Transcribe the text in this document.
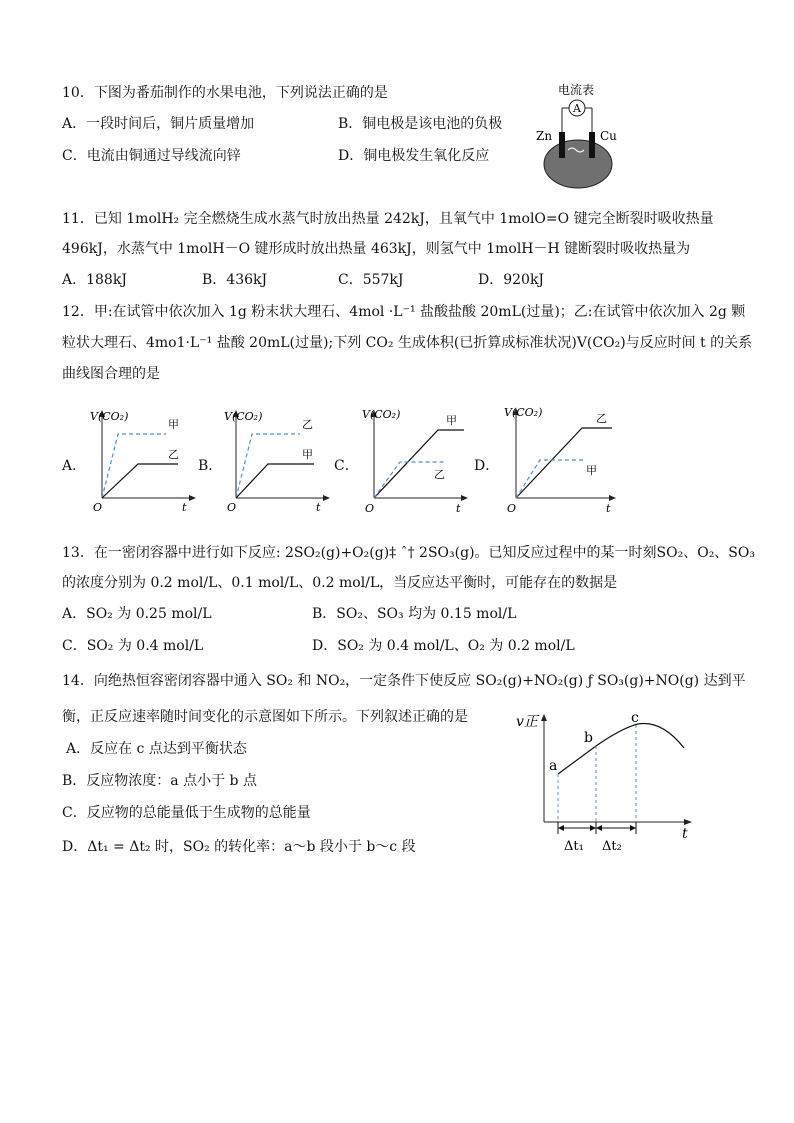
10．下图为番茄制作的水果电池，下列说法正确的是
A．一段时间后，铜片质量增加	B．铜电极是该电池的负极
C．电流由铜通过导线流向锌	D．铜电极发生氧化反应
电流表
A
Zn	Cu
11．已知 1molH₂ 完全燃烧生成水蒸气时放出热量 242kJ，且氧气中 1molO=O 键完全断裂时吸收热量
496kJ，水蒸气中 1molH－O 键形成时放出热量 463kJ，则氢气中 1molH－H 键断裂时吸收热量为
A．188kJ	B．436kJ	C．557kJ	D．920kJ
12．甲:在试管中依次加入 1g 粉末状大理石、4mol ·L⁻¹ 盐酸盐酸 20mL(过量)；乙:在试管中依次加入 2g 颗
粒状大理石、4mo1·L⁻¹ 盐酸 20mL(过量);下列 CO₂ 生成体积(已折算成标准状况)V(CO₂)与反应时间 t 的关系
曲线图合理的是
A．	B．	C．	D．
V(CO₂)
O	t
甲
乙
V(CO₂)
O	t
乙
甲
V(CO₂)
O	t
甲
乙
V(CO₂)
O	t
乙
甲
13．在一密闭容器中进行如下反应: 2SO₂(g)+O₂(g)‡ ˆ† 2SO₃(g)。已知反应过程中的某一时刻SO₂、O₂、SO₃
的浓度分别为 0.2 mol/L、0.1 mol/L、0.2 mol/L，当反应达平衡时，可能存在的数据是
A．SO₂ 为 0.25 mol/L	B．SO₂、SO₃ 均为 0.15 mol/L
C．SO₂ 为 0.4 mol/L	D．SO₂ 为 0.4 mol/L、O₂ 为 0.2 mol/L
14．向绝热恒容密闭容器中通入 SO₂ 和 NO₂，一定条件下使反应 SO₂(g)+NO₂(g) ƒ SO₃(g)+NO(g) 达到平
衡，正反应速率随时间变化的示意图如下所示。下列叙述正确的是
A．反应在 c 点达到平衡状态
B．反应物浓度：a 点小于 b 点
C．反应物的总能量低于生成物的总能量
D．Δt₁ = Δt₂ 时，SO₂ 的转化率：a～b 段小于 b～c 段
v正
t
a
b
c
Δt₁ Δt₂
